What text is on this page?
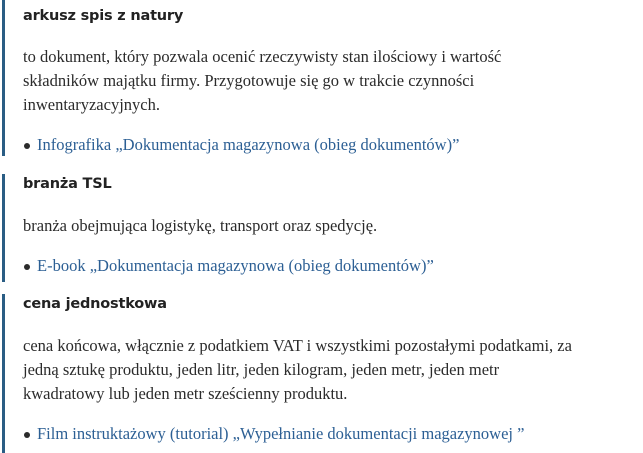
arkusz spis z natury

to dokument, który pozwala ocenić rzeczywisty stan ilościowy i wartość
składników majątku firmy. Przygotowuje się go w trakcie czynności
inwentaryzacyjnych.
Infografika „Dokumentacja magazynowa (obieg dokumentów)”

branża TSL

branża obejmująca logistykę, transport oraz spedycję.
E-book „Dokumentacja magazynowa (obieg dokumentów)”

cena jednostkowa

cena końcowa, włącznie z podatkiem VAT i wszystkimi pozostałymi podatkami, za
jedną sztukę produktu, jeden litr, jeden kilogram, jeden metr, jeden metr
kwadratowy lub jeden metr sześcienny produktu.
Film instruktażowy (tutorial) „Wypełnianie dokumentacji magazynowej ”
